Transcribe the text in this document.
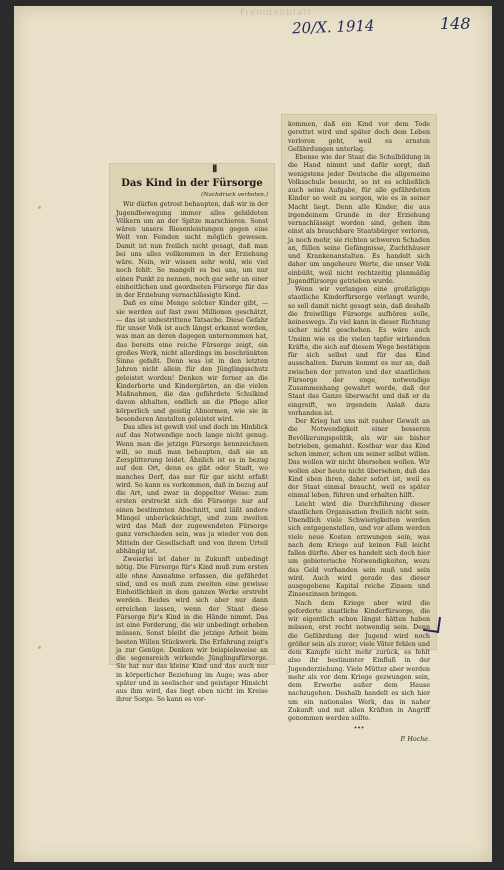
Fremdenblatt
20/X. 1914	148
Das Kind in der Fürsorge
(Nachdruck verboten.)

Wir dürfen getrost behaupten, daß wir in der Jugendbewegung immer alles gebildeten Völkern um an der Spitze marschieren. Sonst wären unsere Riesenleistungen gegen eine Welt von Feinden nicht möglich gewesen. Damit ist nun freilich nicht gesagt, daß man bei uns alles vollkommen in der Erziehung wäre. Nein, wir wissen sehr wohl, wie viel noch fehlt. So mangelt es bei uns, um nur einen Punkt zu nennen, noch gar sehr an einer einheitlichen und geordneten Fürsorge für das in der Erziehung vernachlässigte Kind.

Daß es eine Menge solcher Kinder gibt, — sie werden auf fast zwei Millionen geschätzt, — das ist unbestrittene Tatsache. Diese Gefahr für unser Volk ist auch längst erkannt worden, was man an deren dagegen unternommen hat, das bereits eine reiche Fürsorge zeigt, ein großes Werk, nicht allerdings im beschränkten Sinne gefaßt. Denn was ist in den letzten Jahren nicht allein für den Jünglingsschutz geleistet worden! Denken wir ferner an die Kinderhorte und Kindergärten, an die vielen Maßnahmen, die das gefährdete Schulkind davon abhalten, endlich an die Pflege aller körperlich und geistig Abnormen, wie sie in besonderen Anstalten geleistet wird.

Das alles ist gewiß viel und doch im Hinblick auf das Notwendige noch lange nicht genug. Wenn man die jetzige Fürsorge kennzeichnen will, so muß man behaupten, daß sie an Zersplitterung leidet. Ähnlich ist es in bezug auf den Ort, denn es gibt oder Stadt, wo manches Dorf, das nur für gar nicht erfaßt wird. So kann es vorkommen, daß in bezug auf die Art, und zwar in doppelter Weise: zum ersten erstreckt sich die Fürsorge nur auf einen bestimmten Abschnitt, und läßt andere Mängel unberücksichtigt, und zum zweiten wird das Maß der zugewendeten Fürsorge ganz verschieden sein, was ja wieder von den Mitteln der Gesellschaft und von ihrem Urteil abhängig ist.

Zweierlei ist daher in Zukunft unbedingt nötig. Die Fürsorge für's Kind muß zum ersten alle ohne Ausnahme erfassen, die gefährdet sind, und es muß zum zweiten eine gewisse Einheitlichkeit in dem ganzen Werke erstrebt werden. Beides wird sich aber nur dann erreichen lassen, wenn der Staat diese Fürsorge für's Kind in die Hände nimmt. Das ist eine Forderung, die wir unbedingt erheben müssen. Sonst bleibt die jetzige Arbeit beim besten Willen Stückwerk. Die Erfahrung zeigt's ja zur Genüge. Denken wir beispielsweise an die segensreich wirkende Jünglingsfürsorge. Sie hat nur das kleine Kind und das auch nur in körperlicher Beziehung im Auge; was aber später und in seelischer und geistiger Hinsicht aus ihm wird, das liegt eben nicht im Kreise ihrer Sorge. So kann es vor-

▮

kommen, daß ein Kind vor dem Tode gerettet wird und später doch dem Leben verloren geht, weil es ernsten Gefährdungen unterlag.

Ebenso wie der Staat die Schulbildung in die Hand nimmt und dafür sorgt, daß wenigstens jeder Deutsche die allgemeine Volksschule besucht, so ist es schließlich auch seine Aufgabe, für alle gefährdeten Kinder so weit zu sorgen, wie es in seiner Macht liegt. Denn alle Kinder, die aus irgendeinem Grunde in der Erziehung vernachlässigt worden sind, gehen ihm einst als brauchbare Staatsbürger verloren, ja noch mehr, sie richten schweren Schaden an, füllen seine Gefängnisse, Zuchthäuser und Krankenanstalten. Es handelt sich daher um ungeheure Werte, die unser Volk einbüßt, weil nicht rechtzeitig planmäßig Jugendfürsorge getrieben wurde.

Wenn wir verlangen eine großzügige staatliche Kinderfürsorge verlangt wurde, so soll damit nicht gesagt sein, daß deshalb die freiwillige Fürsorge aufhören solle, keineswegs. Zu viel kann in dieser Richtung sicher nicht geschehen. Es wäre auch Unsinn wie es die vielen tapfer wirkenden Kräfte, die sich auf diesem Wege bestätigen für sich selbst und für das Kind ausschalten. Darum kommt es nur an, daß zwischen der privaten und der staatlichen Fürsorge der enge, notwendige Zusammenhang gewahrt werde, daß der Staat das Ganze überwacht und daß er da eingreift, wo irgendein Anlaß dazu vorhanden ist.

Der Krieg hat uns mit rauher Gewalt an die Notwendigkeit einer besseren Bevölkerungspolitik, als wir sie bisher betrieben, gemahnt. Kostbar war das Kind schon immer, schon um seiner selbst willen. Das wollen wir nicht übersehen wollen. Wir wollen aber heute nicht übersehen, daß das Kind eben ihren, daher sofort ist, weil es der Staat einmal braucht, weil es später einmal leben, führen und erhalten hilft.

Leicht wird die Durchführung dieser staatlichen Organisation freilich nicht sein. Unendlich viele Schwierigkeiten werden sich entgegenstellen, und vor allem werden viele neue Kosten erzwungen sein, was nach dem Kriege auf keinen Fall leicht fallen dürfte. Aber es handelt sich doch hier um gebieterische Notwendigkeiten, wozu das Geld vorhanden sein muß und sein wird. Auch wird gerade das dieser ausgegebene Kapital reiche Zinsen und Zinseszinsen bringen.

Nach dem Kriege aber wird die geforderte staatliche Kinderfürsorge, die wir eigentlich schon längst hätten haben müssen, erst recht notwendig sein. Denn die Gefährdung der Jugend wird noch größer sein als zuvor; viele Väter fehlen und dem Kampfe nicht mehr zurück, es fehlt also ihr bestimmter Einfluß in der Jugenderziehung. Viele Mütter aber werden mehr als vor dem Kriege gezwungen sein, dem Erwerbe außer dem Hause nachzugehen. Deshalb handelt es sich hier um ein nationales Werk, das in naher Zukunft und mit allen Kräften in Angriff genommen werden sollte.

•••
P. Hoche.
